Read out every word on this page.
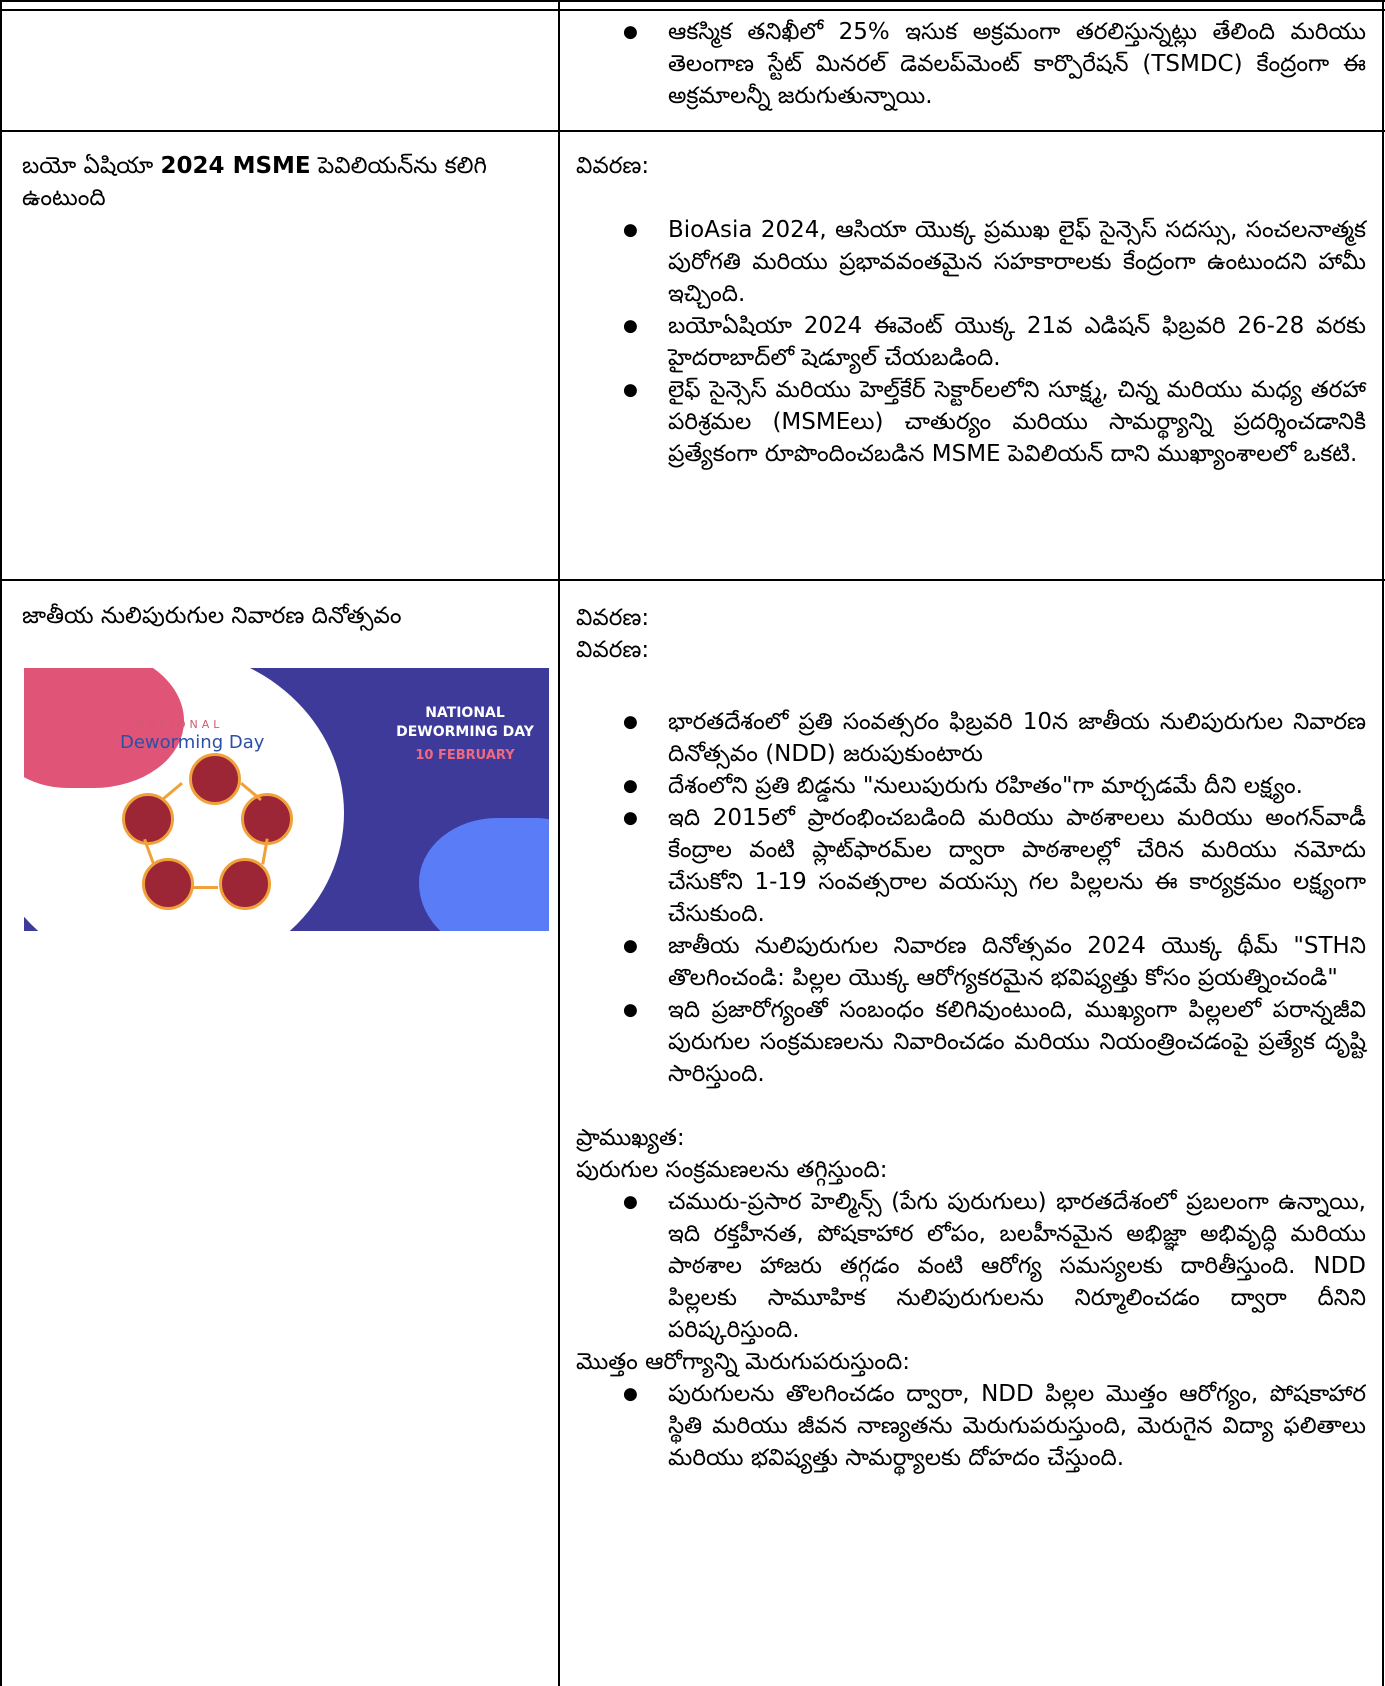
● ఆకస్మిక తనిఖీలో 25% ఇసుక అక్రమంగా తరలిస్తున్నట్లు తేలింది మరియు తెలంగాణ స్టేట్ మినరల్ డెవలప్‌మెంట్ కార్పొరేషన్ (TSMDC) కేంద్రంగా ఈ అక్రమాలన్నీ జరుగుతున్నాయి.
బయో ఏషియా 2024 MSME పెవిలియన్‌ను కలిగి ఉంటుంది

వివరణ:

● BioAsia 2024, ఆసియా యొక్క ప్రముఖ లైఫ్ సైన్సెస్ సదస్సు, సంచలనాత్మక పురోగతి మరియు ప్రభావవంతమైన సహకారాలకు కేంద్రంగా ఉంటుందని హామీ ఇచ్చింది.
● బయోఏషియా 2024 ఈవెంట్ యొక్క 21వ ఎడిషన్ ఫిబ్రవరి 26-28 వరకు హైదరాబాద్‌లో షెడ్యూల్ చేయబడింది.
● లైఫ్ సైన్సెస్ మరియు హెల్త్‌కేర్ సెక్టార్‌లలోని సూక్ష్మ, చిన్న మరియు మధ్య తరహా పరిశ్రమల (MSMEలు) చాతుర్యం మరియు సామర్థ్యాన్ని ప్రదర్శించడానికి ప్రత్యేకంగా రూపొందించబడిన MSME పెవిలియన్ దాని ముఖ్యాంశాలలో ఒకటి.
జాతీయ నులిపురుగుల నివారణ దినోత్సవం
NATIONAL
Deworming Day
NATIONAL
DEWORMING DAY
10 FEBRUARY

వివరణ:

వివరణ:

● భారతదేశంలో ప్రతి సంవత్సరం ఫిబ్రవరి 10న జాతీయ నులిపురుగుల నివారణ దినోత్సవం (NDD) జరుపుకుంటారు
● దేశంలోని ప్రతి బిడ్డను "నులుపురుగు రహితం"గా మార్చడమే దీని లక్ష్యం.
● ఇది 2015లో ప్రారంభించబడింది మరియు పాఠశాలలు మరియు అంగన్‌వాడీ కేంద్రాల వంటి ప్లాట్‌ఫారమ్‌ల ద్వారా పాఠశాలల్లో చేరిన మరియు నమోదు చేసుకోని 1-19 సంవత్సరాల వయస్సు గల పిల్లలను ఈ కార్యక్రమం లక్ష్యంగా చేసుకుంది.
● జాతీయ నులిపురుగుల నివారణ దినోత్సవం 2024 యొక్క థీమ్ "STHని తొలగించండి: పిల్లల యొక్క ఆరోగ్యకరమైన భవిష్యత్తు కోసం ప్రయత్నించండి"
● ఇది ప్రజారోగ్యంతో సంబంధం కలిగివుంటుంది, ముఖ్యంగా పిల్లలలో పరాన్నజీవి పురుగుల సంక్రమణలను నివారించడం మరియు నియంత్రించడంపై ప్రత్యేక దృష్టి సారిస్తుంది.

ప్రాముఖ్యత:

పురుగుల సంక్రమణలను తగ్గిస్తుంది:

● చమురు-ప్రసార హెల్మిన్స్ (పేగు పురుగులు) భారతదేశంలో ప్రబలంగా ఉన్నాయి, ఇది రక్తహీనత, పోషకాహార లోపం, బలహీనమైన అభిజ్ఞా అభివృద్ధి మరియు పాఠశాల హాజరు తగ్గడం వంటి ఆరోగ్య సమస్యలకు దారితీస్తుంది. NDD పిల్లలకు సామూహిక నులిపురుగులను నిర్మూలించడం ద్వారా దీనిని పరిష్కరిస్తుంది.

మొత్తం ఆరోగ్యాన్ని మెరుగుపరుస్తుంది:

● పురుగులను తొలగించడం ద్వారా, NDD పిల్లల మొత్తం ఆరోగ్యం, పోషకాహార స్థితి మరియు జీవన నాణ్యతను మెరుగుపరుస్తుంది, మెరుగైన విద్యా ఫలితాలు మరియు భవిష్యత్తు సామర్థ్యాలకు దోహదం చేస్తుంది.
